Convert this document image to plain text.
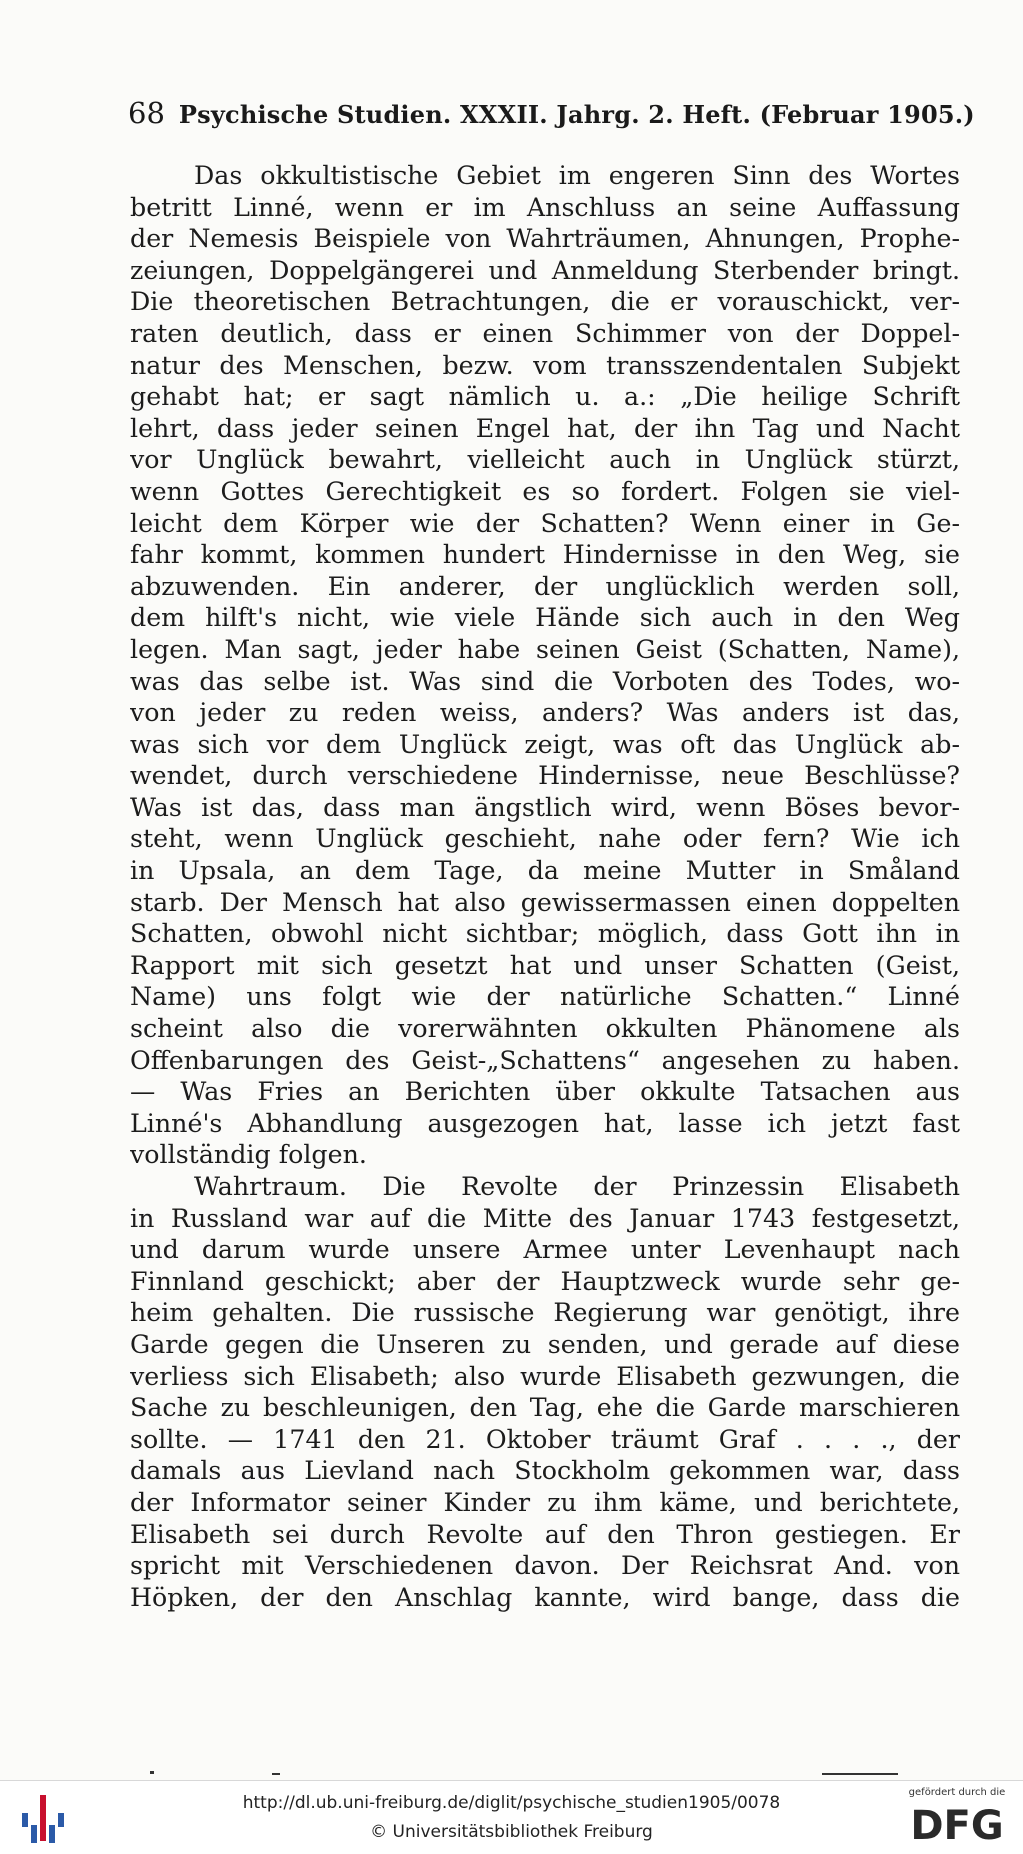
68 Psychische Studien. XXXII. Jahrg. 2. Heft. (Februar 1905.)
Das okkultistische Gebiet im engeren Sinn des Wortes
betritt Linné, wenn er im Anschluss an seine Auffassung
der Nemesis Beispiele von Wahrträumen, Ahnungen, Prophe-
zeiungen, Doppelgängerei und Anmeldung Sterbender bringt.
Die theoretischen Betrachtungen, die er vorauschickt, ver-
raten deutlich, dass er einen Schimmer von der Doppel-
natur des Menschen, bezw. vom transszendentalen Subjekt
gehabt hat; er sagt nämlich u. a.: „Die heilige Schrift
lehrt, dass jeder seinen Engel hat, der ihn Tag und Nacht
vor Unglück bewahrt, vielleicht auch in Unglück stürzt,
wenn Gottes Gerechtigkeit es so fordert. Folgen sie viel-
leicht dem Körper wie der Schatten? Wenn einer in Ge-
fahr kommt, kommen hundert Hindernisse in den Weg, sie
abzuwenden. Ein anderer, der unglücklich werden soll,
dem hilft's nicht, wie viele Hände sich auch in den Weg
legen. Man sagt, jeder habe seinen Geist (Schatten, Name),
was das selbe ist. Was sind die Vorboten des Todes, wo-
von jeder zu reden weiss, anders? Was anders ist das,
was sich vor dem Unglück zeigt, was oft das Unglück ab-
wendet, durch verschiedene Hindernisse, neue Beschlüsse?
Was ist das, dass man ängstlich wird, wenn Böses bevor-
steht, wenn Unglück geschieht, nahe oder fern? Wie ich
in Upsala, an dem Tage, da meine Mutter in Småland
starb. Der Mensch hat also gewissermassen einen doppelten
Schatten, obwohl nicht sichtbar; möglich, dass Gott ihn in
Rapport mit sich gesetzt hat und unser Schatten (Geist,
Name) uns folgt wie der natürliche Schatten.“ Linné
scheint also die vorerwähnten okkulten Phänomene als
Offenbarungen des Geist-„Schattens“ angesehen zu haben.
— Was Fries an Berichten über okkulte Tatsachen aus
Linné's Abhandlung ausgezogen hat, lasse ich jetzt fast
vollständig folgen.
Wahrtraum. Die Revolte der Prinzessin Elisabeth
in Russland war auf die Mitte des Januar 1743 festgesetzt,
und darum wurde unsere Armee unter Levenhaupt nach
Finnland geschickt; aber der Hauptzweck wurde sehr ge-
heim gehalten. Die russische Regierung war genötigt, ihre
Garde gegen die Unseren zu senden, und gerade auf diese
verliess sich Elisabeth; also wurde Elisabeth gezwungen, die
Sache zu beschleunigen, den Tag, ehe die Garde marschieren
sollte. — 1741 den 21. Oktober träumt Graf . . . ., der
damals aus Lievland nach Stockholm gekommen war, dass
der Informator seiner Kinder zu ihm käme, und berichtete,
Elisabeth sei durch Revolte auf den Thron gestiegen. Er
spricht mit Verschiedenen davon. Der Reichsrat And. von
Höpken, der den Anschlag kannte, wird bange, dass die
http://dl.ub.uni-freiburg.de/diglit/psychische_studien1905/0078
© Universitätsbibliothek Freiburg
gefördert durch die
DFG
